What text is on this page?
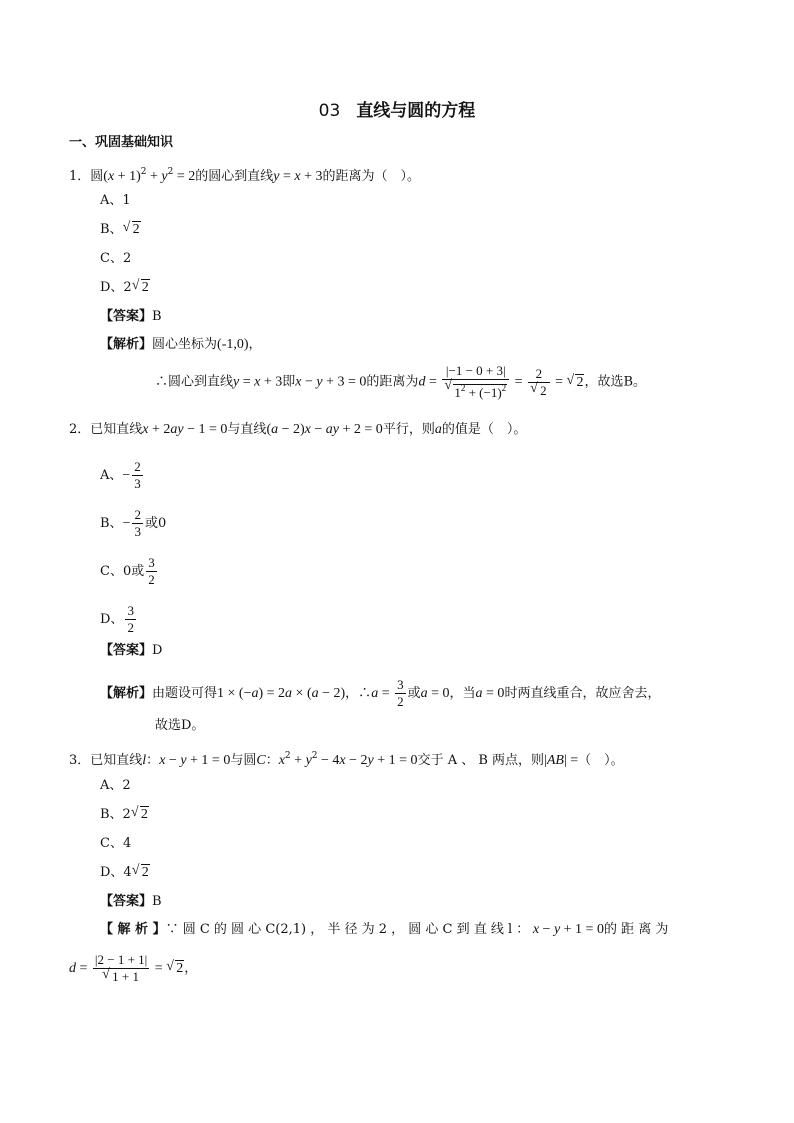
03 直线与圆的方程
一、巩固基础知识
1．圆$(x + 1)^2 + y^2 = 2$的圆心到直线y = x + 3的距离为（　）。
A、1
B、 √ 2
C、2
D、2 √ 2
【答案】B
【解析】圆心坐标为(-1,0)，
∴圆心到直线y = x + 3即x − y + 3 = 0的距离为d = |−1 − 0 + 3|
√ $1^2 + (-1)^2 = 2$
√ 2 = √ 2，故选B。
2．已知直线x + 2ay − 1 = 0与直线(a − 2)x − ay + 2 = 0平行，则a的值是（　）。
A、− $\frac{2}{3}$
B、− $\frac{2}{3}$ 或0
C、0或 $\frac{3}{2}$
D、 $\frac{3}{2}$
【答案】D
【解析】由题设可得1 × (−a) = 2a × (a − 2)，∴a = $\frac{3}{2}$ 或a = 0，当a = 0时两直线重合，故应舍去，
故选D。
3．已知直线l：x − y + 1 = 0与圆C：$x^2 + y^2 - 4x - 2y + 1 = 0$交于 A 、 B 两点，则|AB| =（　）。
A、2
B、2 √ 2
C、4
D、4 √ 2
【答案】B
【 解 析 】∵ 圆 C 的 圆 心 C(2,1) ， 半 径 为 2 ， 圆 心 C 到 直 线 l ： x − y + 1 = 0的 距 离 为
d = |2 − 1 + 1|
√ 1 + 1 = √ 2，
